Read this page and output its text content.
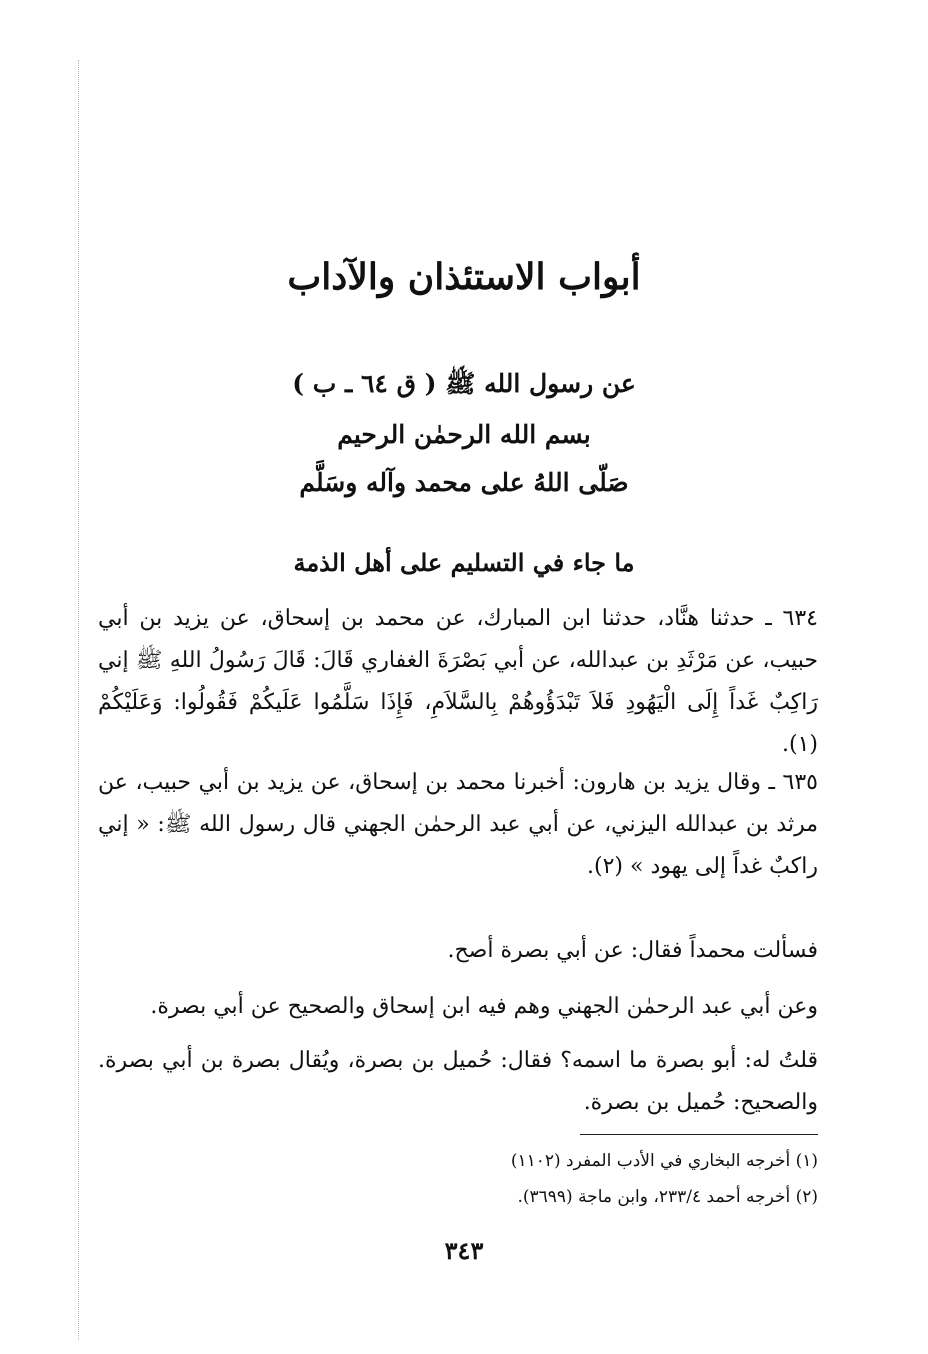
أبواب الاستئذان والآداب
عن رسول الله ﷺ ( ق ٦٤ ـ ب )
بسم الله الرحمٰن الرحيم
صَلّى اللهُ على محمد وآله وسَلَّم
ما جاء في التسليم على أهل الذمة
٦٣٤ ـ حدثنا هنَّاد، حدثنا ابن المبارك، عن محمد بن إسحاق، عن يزيد بن أبي حبيب، عن مَرْثَدِ بن عبدالله، عن أبي بَصْرَةَ الغفاري قَالَ: قَالَ رَسُولُ اللهِ ﷺ إني رَاكِبٌ غَداً إِلَى الْيَهُودِ فَلاَ تَبْدَؤُوهُمْ بِالسَّلاَمِ، فَإِذَا سَلَّمُوا عَلَيكُمْ فَقُولُوا: وَعَلَيْكُمْ (١).
٦٣٥ ـ وقال يزيد بن هارون: أخبرنا محمد بن إسحاق، عن يزيد بن أبي حبيب، عن مرثد بن عبدالله اليزني، عن أبي عبد الرحمٰن الجهني قال رسول الله ﷺ: « إني راكبٌ غداً إلى يهود » (٢).
فسألت محمداً فقال: عن أبي بصرة أصح.
وعن أبي عبد الرحمٰن الجهني وهم فيه ابن إسحاق والصحيح عن أبي بصرة.
قلتُ له: أبو بصرة ما اسمه؟ فقال: حُميل بن بصرة، ويُقال بصرة بن أبي بصرة. والصحيح: حُميل بن بصرة.
(١) أخرجه البخاري في الأدب المفرد (١١٠٢)
(٢) أخرجه أحمد ٢٣٣/٤، وابن ماجة (٣٦٩٩).
٣٤٣
